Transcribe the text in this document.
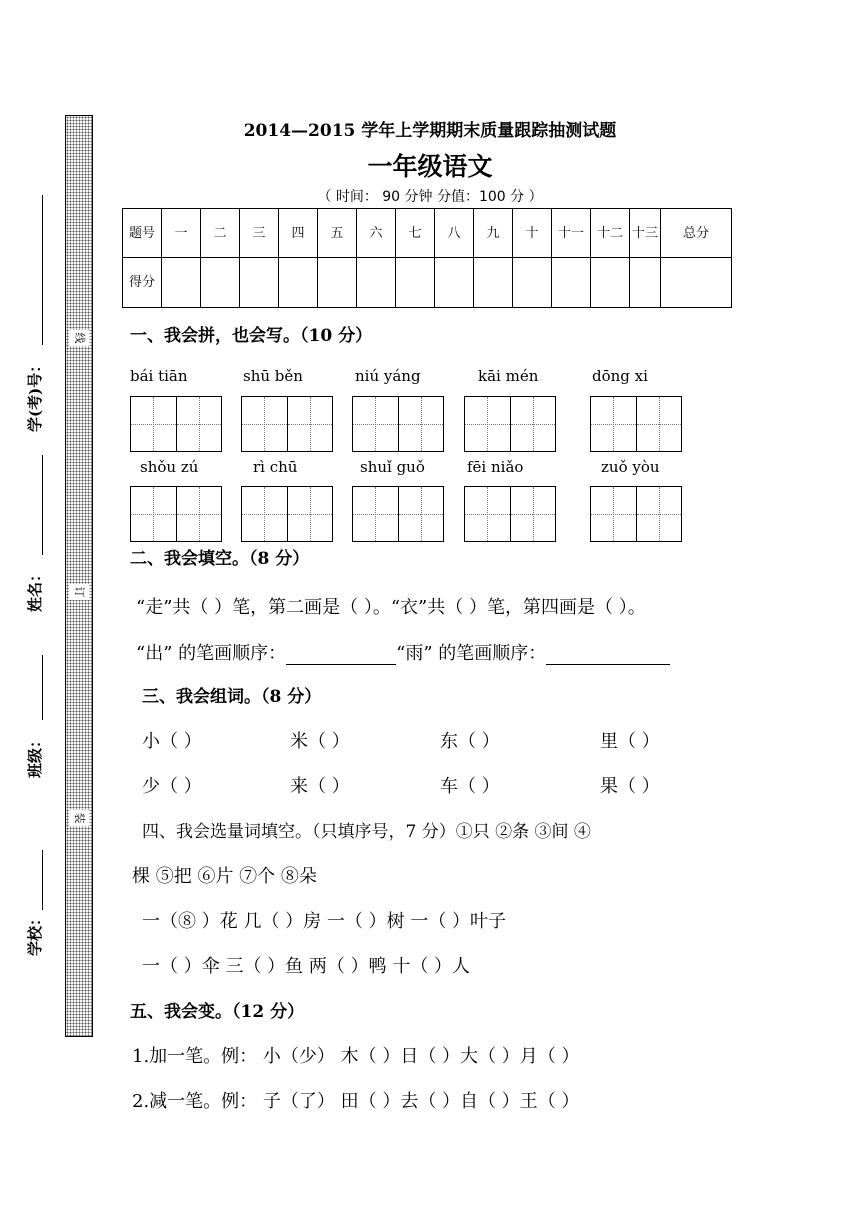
学校：
班级：
姓名：
学(考)号：
线
订
装
2014—2015 学年上学期期末质量跟踪抽测试题
一年级语文
（ 时间： 90 分钟 分值：100 分 ）
题号	一	二	三	四	五	六	七	八	九	十	十一	十二	十三	总分
得分														
一、我会拼，也会写。（10 分）
bái tiān	shū běn	niú yáng	kāi mén	dōng xi
shǒu zú	rì chū	shuǐ guǒ	fēi niǎo	zuǒ yòu
二、我会填空。（8 分）
“走”共（ ）笔，第二画是（ ）。“衣”共（ ）笔，第四画是（ ）。
“出” 的笔画顺序：	“雨” 的笔画顺序：
三、我会组词。（8 分）
小（ ）	米（ ）	东（ ）	里（ ）
少（ ）	来（ ）	车（ ）	果（ ）
四、我会选量词填空。（只填序号，7 分）①只 ②条 ③间 ④
棵 ⑤把 ⑥片 ⑦个 ⑧朵
一（⑧ ）花 几（ ）房 一（ ）树 一（ ）叶子
一（ ）伞 三（ ）鱼 两（ ）鸭 十（ ）人
五、我会变。（12 分）
1.加一笔。例： 小（少） 木（ ）日（ ）大（ ）月（ ）
2.减一笔。例： 子（了） 田（ ）去（ ）自（ ）王（ ）
